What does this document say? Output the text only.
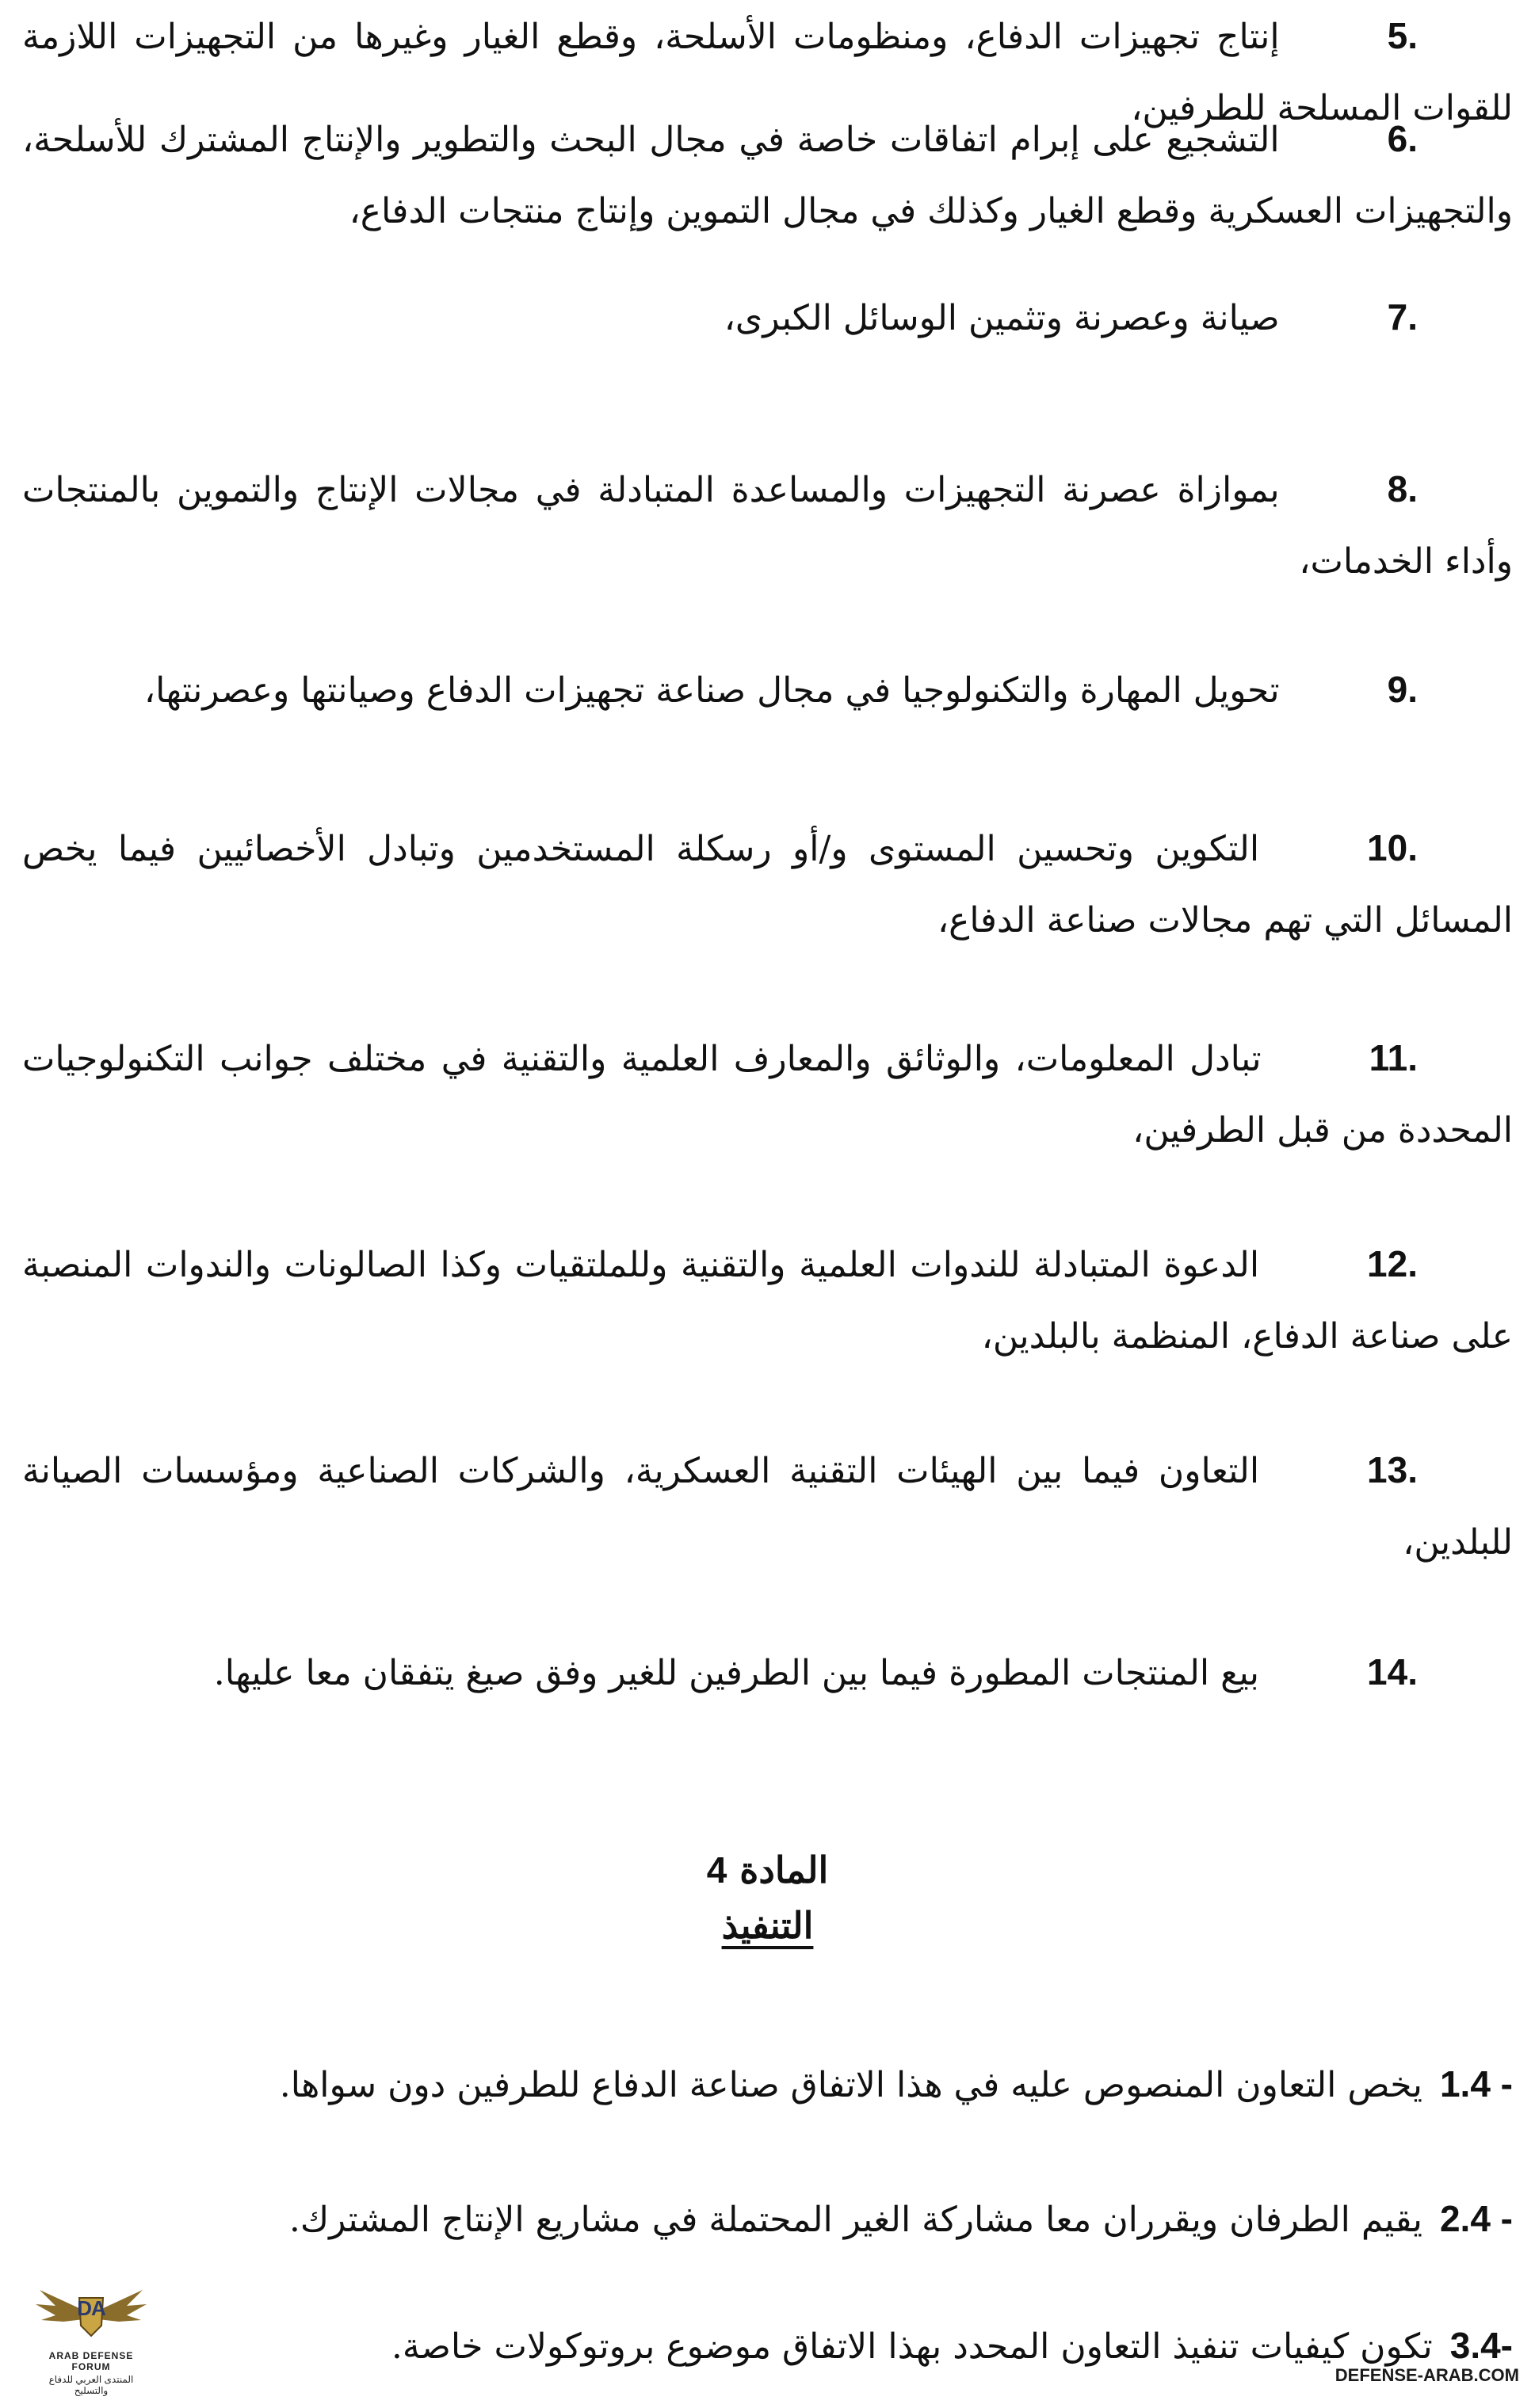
5.إنتاج تجهيزات الدفاع، ومنظومات الأسلحة، وقطع الغيار وغيرها من التجهيزات اللازمة للقوات المسلحة للطرفين،

6.التشجيع على إبرام اتفاقات خاصة في مجال البحث والتطوير والإنتاج المشترك للأسلحة، والتجهيزات العسكرية وقطع الغيار وكذلك في مجال التموين وإنتاج منتجات الدفاع،

7.صيانة وعصرنة وتثمين الوسائل الكبرى،

8.بموازاة عصرنة التجهيزات والمساعدة المتبادلة في مجالات الإنتاج والتموين بالمنتجات وأداء الخدمات،

9.تحويل المهارة والتكنولوجيا في مجال صناعة تجهيزات الدفاع وصيانتها وعصرنتها،

10.التكوين وتحسين المستوى و/أو رسكلة المستخدمين وتبادل الأخصائيين فيما يخص المسائل التي تهم مجالات صناعة الدفاع،

11.تبادل المعلومات، والوثائق والمعارف العلمية والتقنية في مختلف جوانب التكنولوجيات المحددة من قبل الطرفين،

12.الدعوة المتبادلة للندوات العلمية والتقنية وللملتقيات وكذا الصالونات والندوات المنصبة على صناعة الدفاع، المنظمة بالبلدين،

13.التعاون فيما بين الهيئات التقنية العسكرية، والشركات الصناعية ومؤسسات الصيانة للبلدين،

14.بيع المنتجات المطورة فيما بين الطرفين للغير وفق صيغ يتفقان معا عليها.

المادة 4
التنفيذ

1.4 -يخص التعاون المنصوص عليه في هذا الاتفاق صناعة الدفاع للطرفين دون سواها.

2.4 -يقيم الطرفان ويقرران معا مشاركة الغير المحتملة في مشاريع الإنتاج المشترك.

3.4-تكون كيفيات تنفيذ التعاون المحدد بهذا الاتفاق موضوع بروتوكولات خاصة.

DA
ARAB DEFENSE FORUM
المنتدى العربي للدفاع والتسليح
DEFENSE-ARAB.COM
